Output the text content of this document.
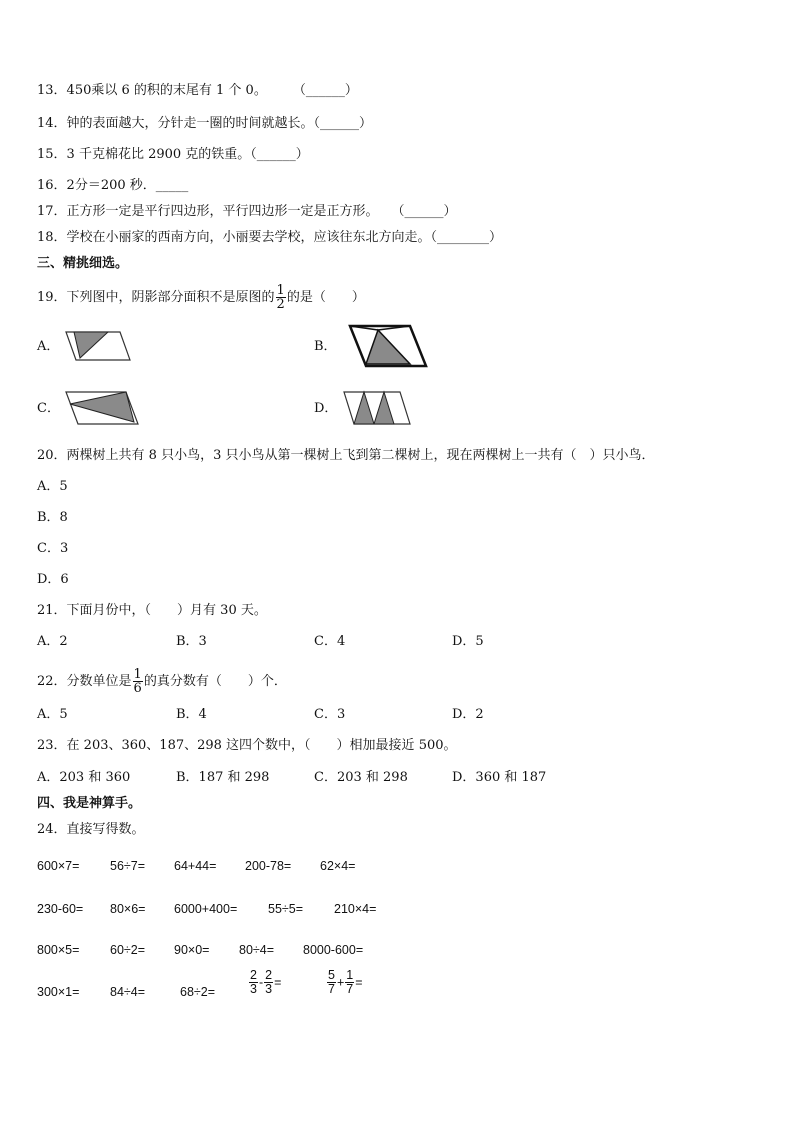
13．450乘以 6 的积的末尾有 1 个 0。　　　（______）
14．钟的表面越大，分针走一圈的时间就越长。（______）
15．3 千克棉花比 2900 克的铁重。（______）
16．2分＝200 秒．_____
17．正方形一定是平行四边形，平行四边形一定是正方形。　　（______）
18．学校在小丽家的西南方向，小丽要去学校，应该往东北方向走。（________）
三、精挑细选。
19．下列图中，阴影部分面积不是原图的 $\frac{1}{2}$ 的是（　　）
A．	B．
C．	D．
20．两棵树上共有 8 只小鸟，3 只小鸟从第一棵树上飞到第二棵树上，现在两棵树上一共有（　）只小鸟．
A．5
B．8
C．3
D．6
21．下面月份中，（　　）月有 30 天。
A．2	B．3	C．4	D．5
22．分数单位是 $\frac{1}{6}$ 的真分数有（　　）个．
A．5	B．4	C．3	D．2
23．在 203、360、187、298 这四个数中，（　　）相加最接近 500。
A．203 和 360	B．187 和 298	C．203 和 298	D．360 和 187
四、我是神算手。
24．直接写得数。
600×7= 56÷7= 64+44= 200-78= 62×4=
230-60= 80×6= 6000+400= 55÷5= 210×4=
800×5= 60÷2= 90×0= 80÷4= 8000-600=
300×1= 84÷4=	68÷2=	$\frac{2}{3} - \frac{2}{3}$ =	$\frac{5}{7} + \frac{1}{7}$ =
